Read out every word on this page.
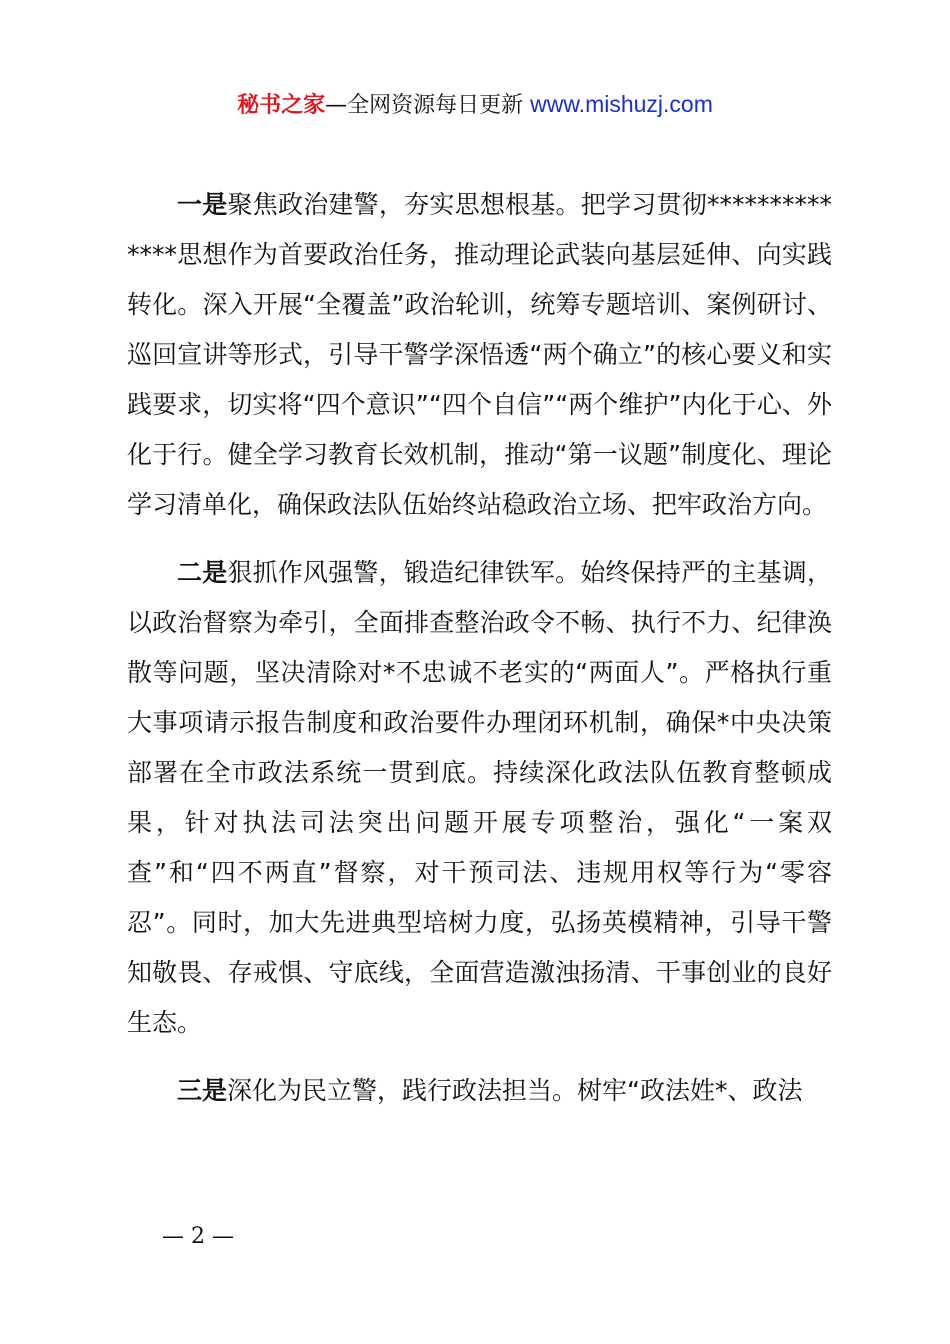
秘书之家—全网资源每日更新 www.mishuzj.com

一是聚焦政治建警，夯实思想根基。把学习贯彻**************思想作为首要政治任务，推动理论武装向基层延伸、向实践转化。深入开展“全覆盖”政治轮训，统筹专题培训、案例研讨、巡回宣讲等形式，引导干警学深悟透“两个确立”的核心要义和实践要求，切实将“四个意识”“四个自信”“两个维护”内化于心、外化于行。健全学习教育长效机制，推动“第一议题”制度化、理论学习清单化，确保政法队伍始终站稳政治立场、把牢政治方向。

二是狠抓作风强警，锻造纪律铁军。始终保持严的主基调，以政治督察为牵引，全面排查整治政令不畅、执行不力、纪律涣散等问题，坚决清除对*不忠诚不老实的“两面人”。严格执行重大事项请示报告制度和政治要件办理闭环机制，确保*中央决策部署在全市政法系统一贯到底。持续深化政法队伍教育整顿成果，针对执法司法突出问题开展专项整治，强化“一案双查”和“四不两直”督察，对干预司法、违规用权等行为“零容忍”。同时，加大先进典型培树力度，弘扬英模精神，引导干警知敬畏、存戒惧、守底线，全面营造激浊扬清、干事创业的良好生态。

三是深化为民立警，践行政法担当。树牢“政法姓*、政法

— 2 —
